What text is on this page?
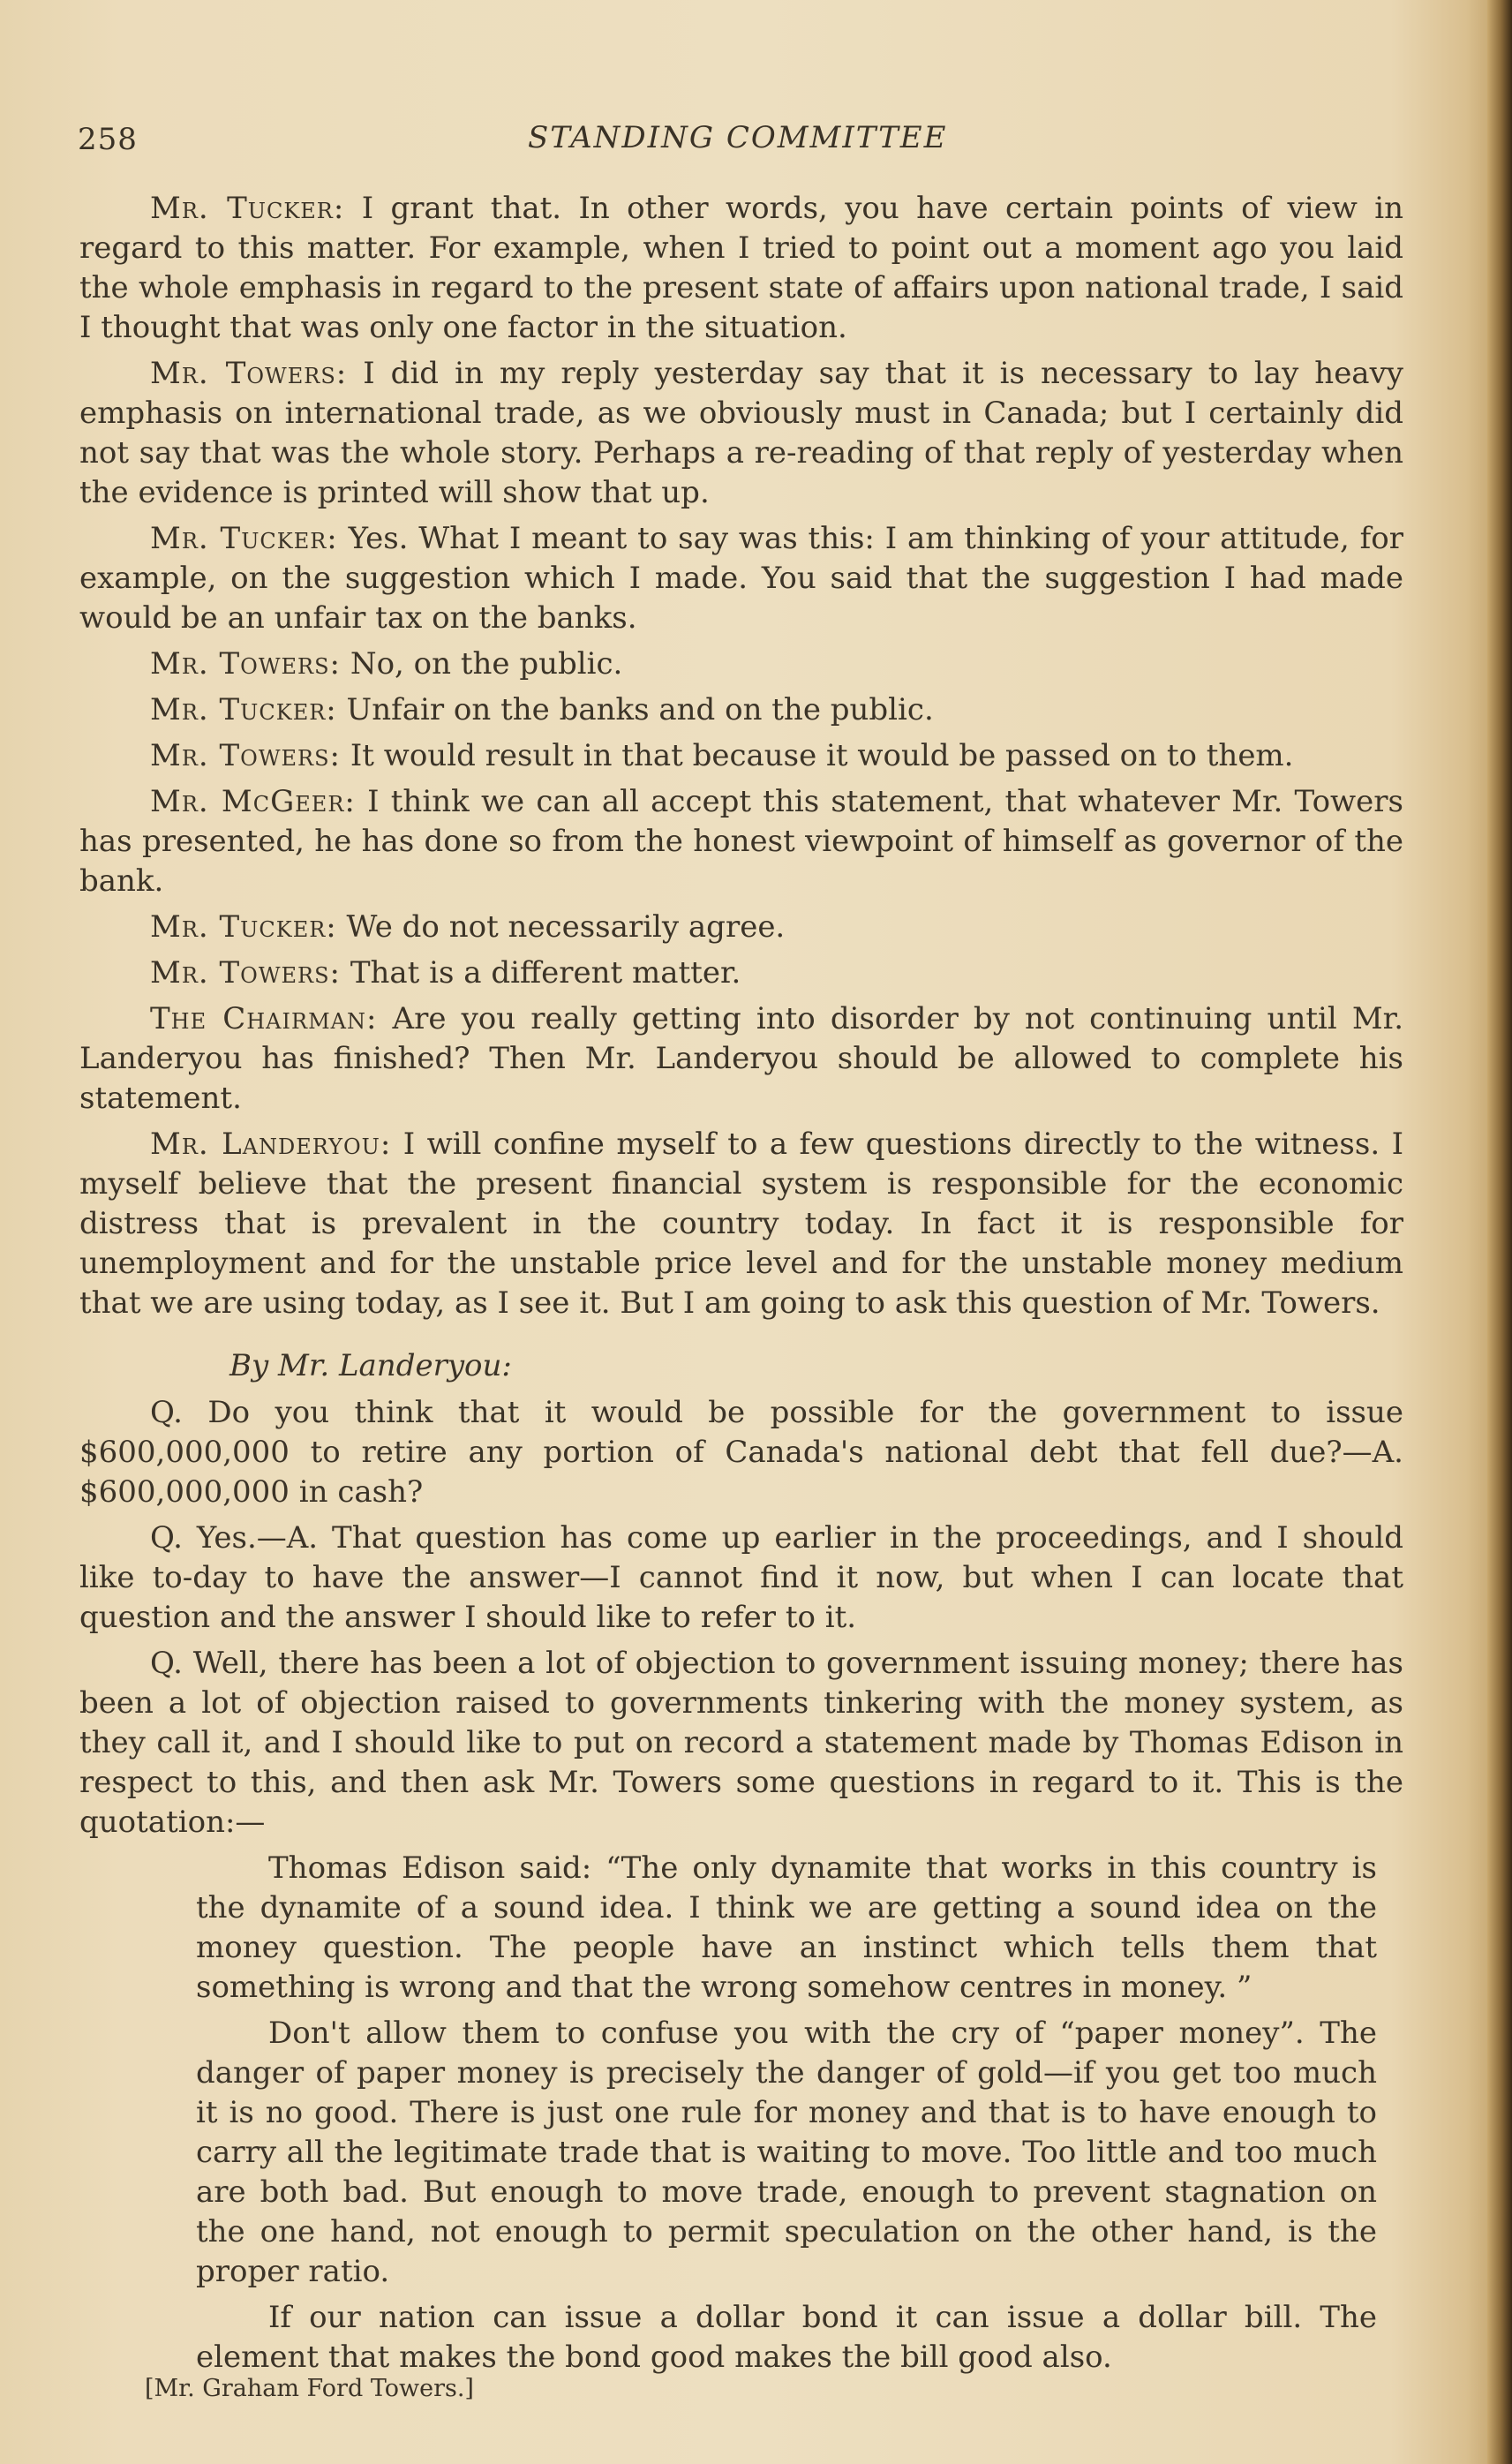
258	STANDING COMMITTEE

Mr. Tucker: I grant that. In other words, you have certain points of view in regard to this matter. For example, when I tried to point out a moment ago you laid the whole emphasis in regard to the present state of affairs upon national trade, I said I thought that was only one factor in the situation.

Mr. Towers: I did in my reply yesterday say that it is necessary to lay heavy emphasis on international trade, as we obviously must in Canada; but I certainly did not say that was the whole story. Perhaps a re-reading of that reply of yesterday when the evidence is printed will show that up.

Mr. Tucker: Yes. What I meant to say was this: I am thinking of your attitude, for example, on the suggestion which I made. You said that the suggestion I had made would be an unfair tax on the banks.

Mr. Towers: No, on the public.

Mr. Tucker: Unfair on the banks and on the public.

Mr. Towers: It would result in that because it would be passed on to them.

Mr. McGeer: I think we can all accept this statement, that whatever Mr. Towers has presented, he has done so from the honest viewpoint of himself as governor of the bank.

Mr. Tucker: We do not necessarily agree.

Mr. Towers: That is a different matter.

The Chairman: Are you really getting into disorder by not continuing until Mr. Landeryou has finished? Then Mr. Landeryou should be allowed to complete his statement.

Mr. Landeryou: I will confine myself to a few questions directly to the witness. I myself believe that the present financial system is responsible for the economic distress that is prevalent in the country today. In fact it is responsible for unemployment and for the unstable price level and for the unstable money medium that we are using today, as I see it. But I am going to ask this question of Mr. Towers.

By Mr. Landeryou:

Q. Do you think that it would be possible for the government to issue $600,000,000 to retire any portion of Canada's national debt that fell due?—A. $600,000,000 in cash?

Q. Yes.—A. That question has come up earlier in the proceedings, and I should like to-day to have the answer—I cannot find it now, but when I can locate that question and the answer I should like to refer to it.

Q. Well, there has been a lot of objection to government issuing money; there has been a lot of objection raised to governments tinkering with the money system, as they call it, and I should like to put on record a statement made by Thomas Edison in respect to this, and then ask Mr. Towers some questions in regard to it. This is the quotation:—

Thomas Edison said: “The only dynamite that works in this country is the dynamite of a sound idea. I think we are getting a sound idea on the money question. The people have an instinct which tells them that something is wrong and that the wrong somehow centres in money. ”

Don't allow them to confuse you with the cry of “paper money”. The danger of paper money is precisely the danger of gold—if you get too much it is no good. There is just one rule for money and that is to have enough to carry all the legitimate trade that is waiting to move. Too little and too much are both bad. But enough to move trade, enough to prevent stagnation on the one hand, not enough to permit speculation on the other hand, is the proper ratio.

If our nation can issue a dollar bond it can issue a dollar bill. The element that makes the bond good makes the bill good also.

[Mr. Graham Ford Towers.]
